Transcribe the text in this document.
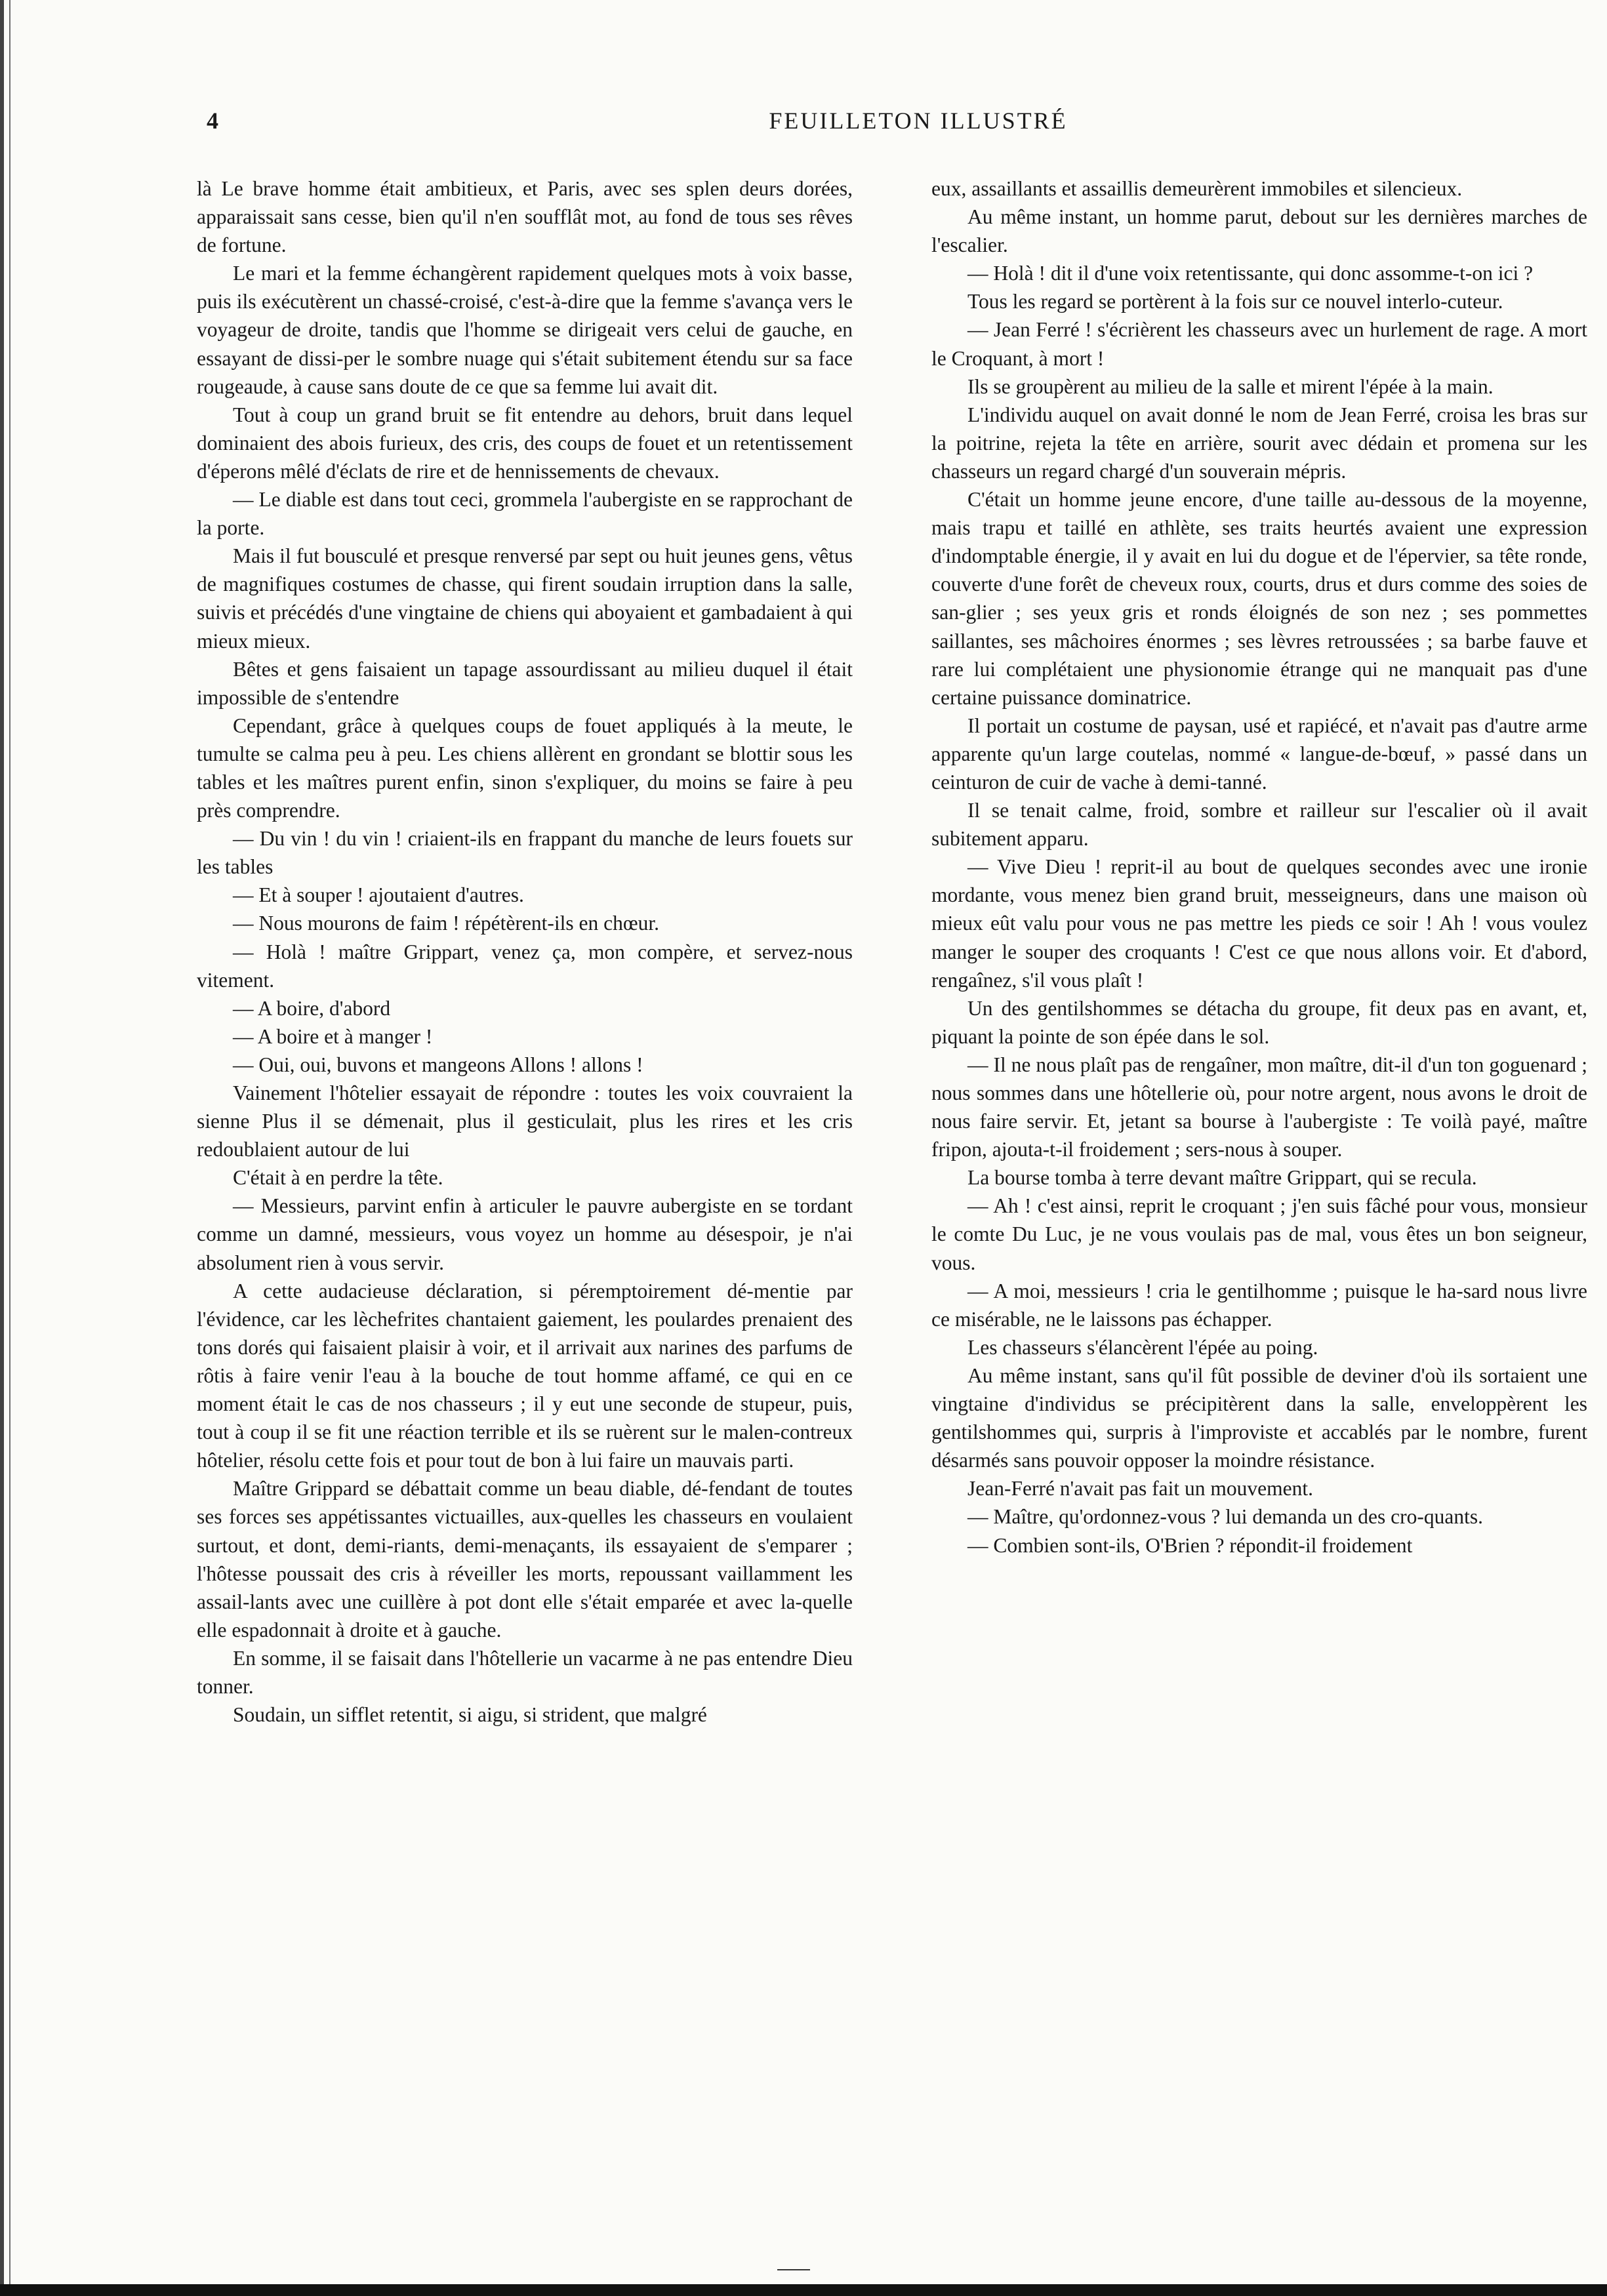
4	FEUILLETON ILLUSTRÉ

là Le brave homme était ambitieux, et Paris, avec ses splen deurs dorées, apparaissait sans cesse, bien qu'il n'en soufflât mot, au fond de tous ses rêves de fortune.

Le mari et la femme échangèrent rapidement quelques mots à voix basse, puis ils exécutèrent un chassé-croisé, c'est-à-dire que la femme s'avança vers le voyageur de droite, tandis que l'homme se dirigeait vers celui de gauche, en essayant de dissi-per le sombre nuage qui s'était subitement étendu sur sa face rougeaude, à cause sans doute de ce que sa femme lui avait dit.

Tout à coup un grand bruit se fit entendre au dehors, bruit dans lequel dominaient des abois furieux, des cris, des coups de fouet et un retentissement d'éperons mêlé d'éclats de rire et de hennissements de chevaux.

— Le diable est dans tout ceci, grommela l'aubergiste en se rapprochant de la porte.

Mais il fut bousculé et presque renversé par sept ou huit jeunes gens, vêtus de magnifiques costumes de chasse, qui firent soudain irruption dans la salle, suivis et précédés d'une vingtaine de chiens qui aboyaient et gambadaient à qui mieux mieux.

Bêtes et gens faisaient un tapage assourdissant au milieu duquel il était impossible de s'entendre

Cependant, grâce à quelques coups de fouet appliqués à la meute, le tumulte se calma peu à peu. Les chiens allèrent en grondant se blottir sous les tables et les maîtres purent enfin, sinon s'expliquer, du moins se faire à peu près comprendre.

— Du vin ! du vin ! criaient-ils en frappant du manche de leurs fouets sur les tables

— Et à souper ! ajoutaient d'autres.

— Nous mourons de faim ! répétèrent-ils en chœur.

— Holà ! maître Grippart, venez ça, mon compère, et servez-nous vitement.

— A boire, d'abord

— A boire et à manger !

— Oui, oui, buvons et mangeons Allons ! allons !

Vainement l'hôtelier essayait de répondre : toutes les voix couvraient la sienne Plus il se démenait, plus il gesticulait, plus les rires et les cris redoublaient autour de lui

C'était à en perdre la tête.

— Messieurs, parvint enfin à articuler le pauvre aubergiste en se tordant comme un damné, messieurs, vous voyez un homme au désespoir, je n'ai absolument rien à vous servir.

A cette audacieuse déclaration, si péremptoirement dé-mentie par l'évidence, car les lèchefrites chantaient gaiement, les poulardes prenaient des tons dorés qui faisaient plaisir à voir, et il arrivait aux narines des parfums de rôtis à faire venir l'eau à la bouche de tout homme affamé, ce qui en ce moment était le cas de nos chasseurs ; il y eut une seconde de stupeur, puis, tout à coup il se fit une réaction terrible et ils se ruèrent sur le malen-contreux hôtelier, résolu cette fois et pour tout de bon à lui faire un mauvais parti.

Maître Grippard se débattait comme un beau diable, dé-fendant de toutes ses forces ses appétissantes victuailles, aux-quelles les chasseurs en voulaient surtout, et dont, demi-riants, demi-menaçants, ils essayaient de s'emparer ; l'hôtesse poussait des cris à réveiller les morts, repoussant vaillamment les assail-lants avec une cuillère à pot dont elle s'était emparée et avec la-quelle elle espadonnait à droite et à gauche.

En somme, il se faisait dans l'hôtellerie un vacarme à ne pas entendre Dieu tonner.

Soudain, un sifflet retentit, si aigu, si strident, que malgré

eux, assaillants et assaillis demeurèrent immobiles et silencieux.

Au même instant, un homme parut, debout sur les dernières marches de l'escalier.

— Holà ! dit il d'une voix retentissante, qui donc assomme-t-on ici ?

Tous les regard se portèrent à la fois sur ce nouvel interlo-cuteur.

— Jean Ferré ! s'écrièrent les chasseurs avec un hurlement de rage. A mort le Croquant, à mort !

Ils se groupèrent au milieu de la salle et mirent l'épée à la main.

L'individu auquel on avait donné le nom de Jean Ferré, croisa les bras sur la poitrine, rejeta la tête en arrière, sourit avec dédain et promena sur les chasseurs un regard chargé d'un souverain mépris.

C'était un homme jeune encore, d'une taille au-dessous de la moyenne, mais trapu et taillé en athlète, ses traits heurtés avaient une expression d'indomptable énergie, il y avait en lui du dogue et de l'épervier, sa tête ronde, couverte d'une forêt de cheveux roux, courts, drus et durs comme des soies de san-glier ; ses yeux gris et ronds éloignés de son nez ; ses pommettes saillantes, ses mâchoires énormes ; ses lèvres retroussées ; sa barbe fauve et rare lui complétaient une physionomie étrange qui ne manquait pas d'une certaine puissance dominatrice.

Il portait un costume de paysan, usé et rapiécé, et n'avait pas d'autre arme apparente qu'un large coutelas, nommé « langue-de-bœuf, » passé dans un ceinturon de cuir de vache à demi-tanné.

Il se tenait calme, froid, sombre et railleur sur l'escalier où il avait subitement apparu.

— Vive Dieu ! reprit-il au bout de quelques secondes avec une ironie mordante, vous menez bien grand bruit, messeigneurs, dans une maison où mieux eût valu pour vous ne pas mettre les pieds ce soir ! Ah ! vous voulez manger le souper des croquants ! C'est ce que nous allons voir. Et d'abord, rengaînez, s'il vous plaît !

Un des gentilshommes se détacha du groupe, fit deux pas en avant, et, piquant la pointe de son épée dans le sol.

— Il ne nous plaît pas de rengaîner, mon maître, dit-il d'un ton goguenard ; nous sommes dans une hôtellerie où, pour notre argent, nous avons le droit de nous faire servir. Et, jetant sa bourse à l'aubergiste : Te voilà payé, maître fripon, ajouta-t-il froidement ; sers-nous à souper.

La bourse tomba à terre devant maître Grippart, qui se recula.

— Ah ! c'est ainsi, reprit le croquant ; j'en suis fâché pour vous, monsieur le comte Du Luc, je ne vous voulais pas de mal, vous êtes un bon seigneur, vous.

— A moi, messieurs ! cria le gentilhomme ; puisque le ha-sard nous livre ce misérable, ne le laissons pas échapper.

Les chasseurs s'élancèrent l'épée au poing.

Au même instant, sans qu'il fût possible de deviner d'où ils sortaient une vingtaine d'individus se précipitèrent dans la salle, enveloppèrent les gentilshommes qui, surpris à l'improviste et accablés par le nombre, furent désarmés sans pouvoir opposer la moindre résistance.

Jean-Ferré n'avait pas fait un mouvement.

— Maître, qu'ordonnez-vous ? lui demanda un des cro-quants.

— Combien sont-ils, O'Brien ? répondit-il froidement
